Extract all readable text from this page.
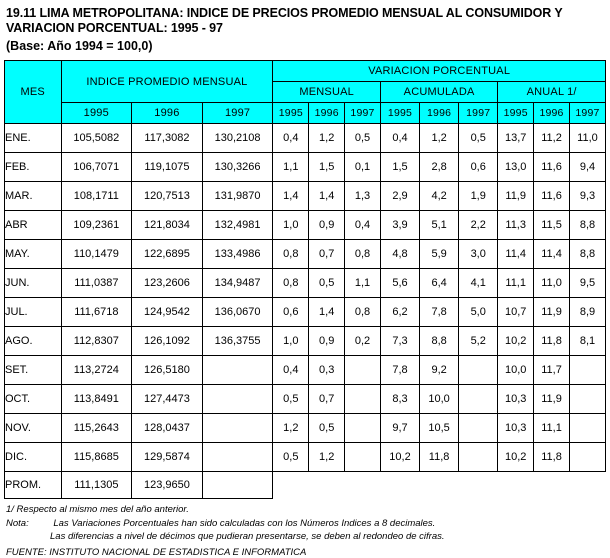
19.11 LIMA METROPOLITANA: INDICE DE PRECIOS PROMEDIO MENSUAL AL CONSUMIDOR Y
VARIACION PORCENTUAL: 1995 - 97
(Base: Año 1994 = 100,0)
MES	INDICE PROMEDIO MENSUAL			VARIACION PORCENTUAL								
				MENSUAL			ACUMULADA			ANUAL 1/		
	1995	1996	1997	1995	1996	1997	1995	1996	1997	1995	1996	1997
ENE.	105,5082	117,3082	130,2108	0,4	1,2	0,5	0,4	1,2	0,5	13,7	11,2	11,0
FEB.	106,7071	119,1075	130,3266	1,1	1,5	0,1	1,5	2,8	0,6	13,0	11,6	9,4
MAR.	108,1711	120,7513	131,9870	1,4	1,4	1,3	2,9	4,2	1,9	11,9	11,6	9,3
ABR	109,2361	121,8034	132,4981	1,0	0,9	0,4	3,9	5,1	2,2	11,3	11,5	8,8
MAY.	110,1479	122,6895	133,4986	0,8	0,7	0,8	4,8	5,9	3,0	11,4	11,4	8,8
JUN.	111,0387	123,2606	134,9487	0,8	0,5	1,1	5,6	6,4	4,1	11,1	11,0	9,5
JUL.	111,6718	124,9542	136,0670	0,6	1,4	0,8	6,2	7,8	5,0	10,7	11,9	8,9
AGO.	112,8307	126,1092	136,3755	1,0	0,9	0,2	7,3	8,8	5,2	10,2	11,8	8,1
SET.	113,2724	126,5180		0,4	0,3		7,8	9,2		10,0	11,7	
OCT.	113,8491	127,4473		0,5	0,7		8,3	10,0		10,3	11,9	
NOV.	115,2643	128,0437		1,2	0,5		9,7	10,5		10,3	11,1	
DIC.	115,8685	129,5874		0,5	1,2		10,2	11,8		10,2	11,8	
PROM.	111,1305	123,9650										
1/ Respecto al mismo mes del año anterior.
Nota:	Las Variaciones Porcentuales han sido calculadas con los Números Indices a 8 decimales.
Las diferencias a nivel de décimos que pudieran presentarse, se deben al redondeo de cifras.
FUENTE: INSTITUTO NACIONAL DE ESTADISTICA E INFORMATICA
